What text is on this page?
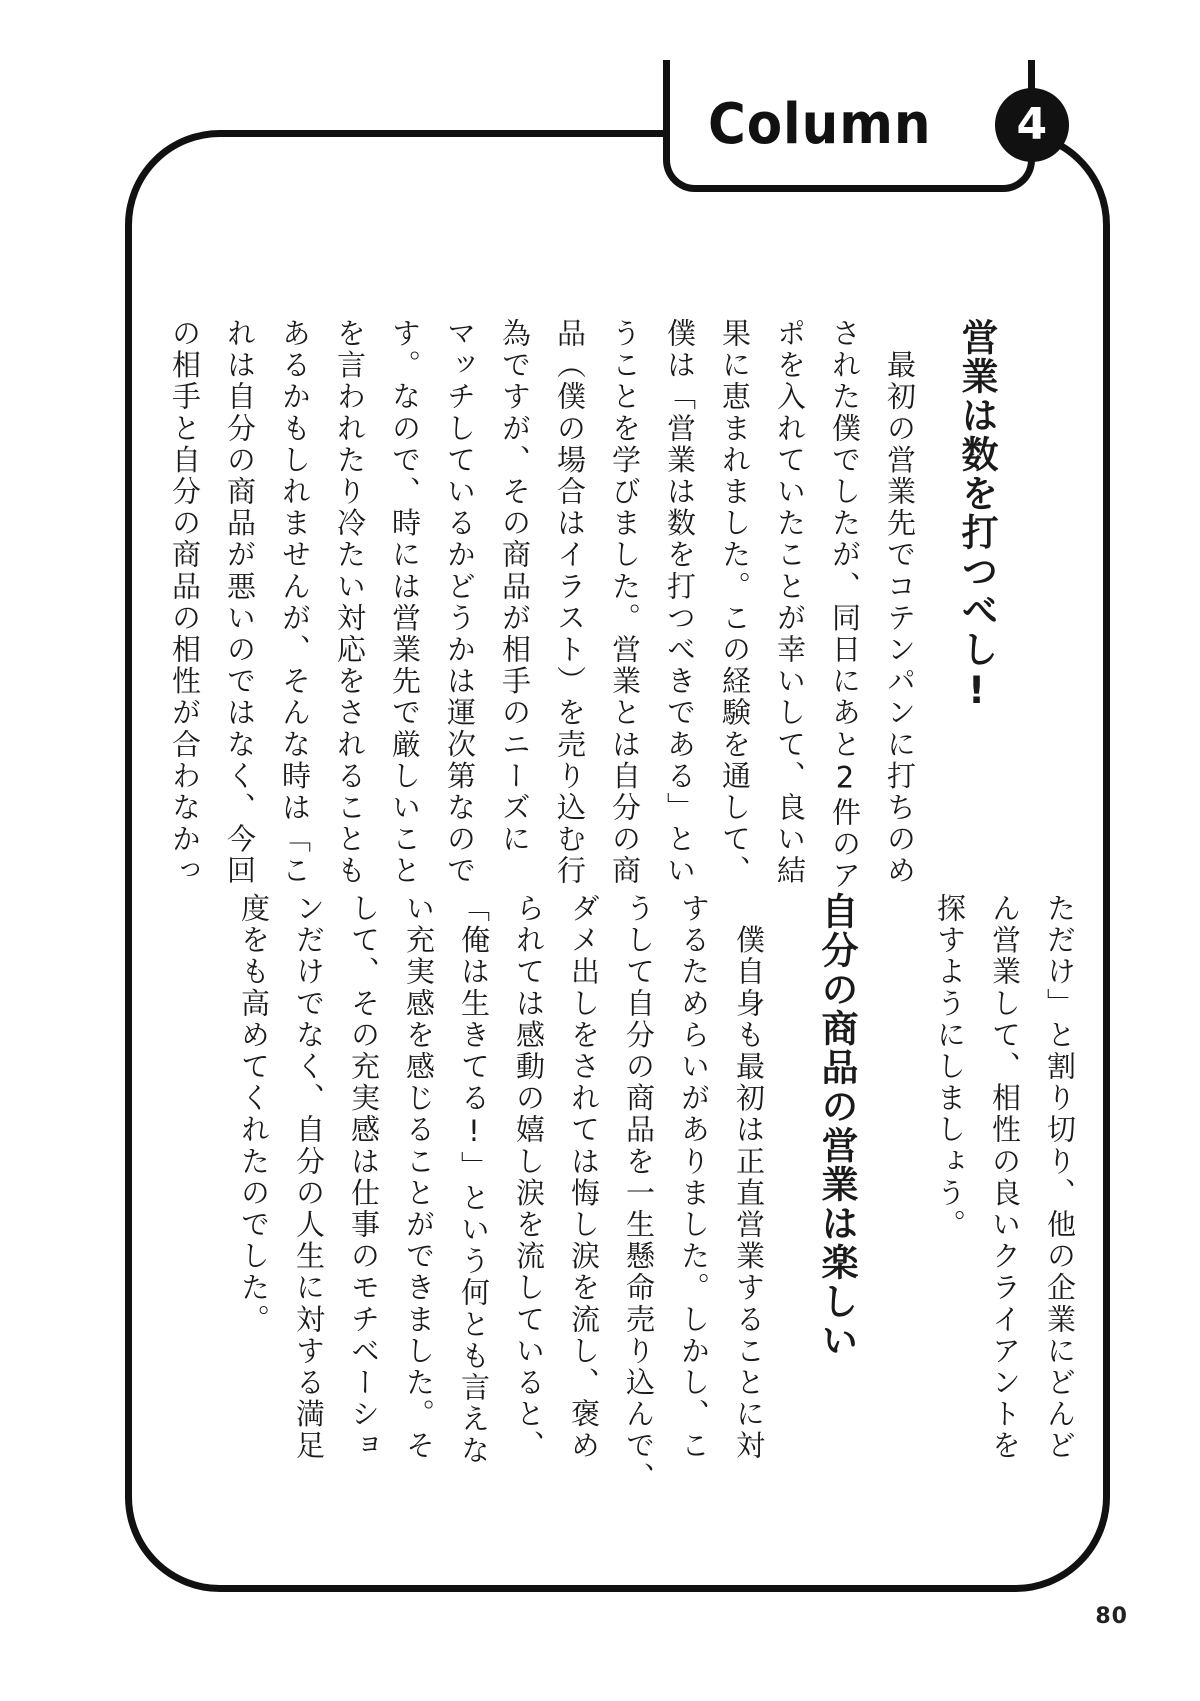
Column	4
営業は数を打つべし!
　最初の営業先でコテンパンに打ちのめ
された僕でしたが、同日にあと2件のア
ポを入れていたことが幸いして、良い結
果に恵まれました。この経験を通して、
僕は「営業は数を打つべきである」とい
うことを学びました。営業とは自分の商
品（僕の場合はイラスト）を売り込む行
為ですが、その商品が相手のニーズに
マッチしているかどうかは運次第なので
す。なので、時には営業先で厳しいこと
を言われたり冷たい対応をされることも
あるかもしれませんが、そんな時は「こ
れは自分の商品が悪いのではなく、今回
の相手と自分の商品の相性が合わなかっ
ただけ」と割り切り、他の企業にどんど
ん営業して、相性の良いクライアントを
探すようにしましょう。
自分の商品の営業は楽しい
　僕自身も最初は正直営業することに対
するためらいがありました。しかし、こ
うして自分の商品を一生懸命売り込んで、
ダメ出しをされては悔し涙を流し、褒め
られては感動の嬉し涙を流していると、
「俺は生きてる!」という何とも言えな
い充実感を感じることができました。そ
して、その充実感は仕事のモチベーショ
ンだけでなく、自分の人生に対する満足
度をも高めてくれたのでした。
80
